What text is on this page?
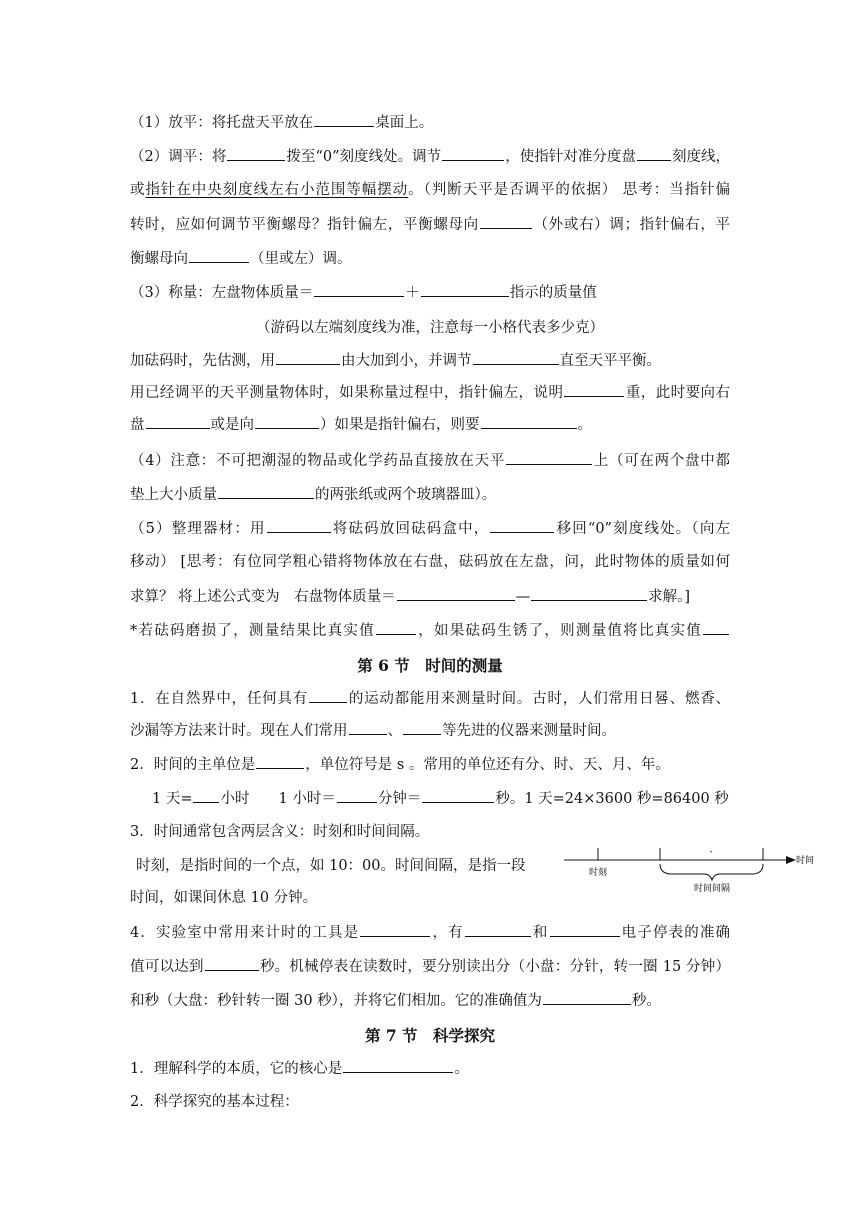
（1）放平：将托盘天平放在	桌面上。
（2）调平：将	拨至“0”刻度线处。调节	，使指针对准分度盘 刻度线，
或指针在中央刻度线左右小范围等幅摆动。（判断天平是否调平的依据） 思考：当指针偏
转时，应如何调节平衡螺母？指针偏左，平衡螺母向	（外或右）调；指针偏右，平
衡螺母向	（里或左）调。
（3）称量：左盘物体质量＝	＋	指示的质量值
（游码以左端刻度线为准，注意每一小格代表多少克）
加砝码时，先估测，用	由大加到小，并调节	直至天平平衡。
用已经调平的天平测量物体时，如果称量过程中，指针偏左，说明	重，此时要向右
盘	或是向	）如果是指针偏右，则要	。
（4）注意：不可把潮湿的物品或化学药品直接放在天平	上（可在两个盘中都
垫上大小质量	的两张纸或两个玻璃器皿）。
（5）整理器材：用	将砝码放回砝码盒中，	移回“0”刻度线处。（向左
移动） [思考：有位同学粗心错将物体放在右盘，砝码放在左盘，问，此时物体的质量如何
求算？ 将上述公式变为　右盘物体质量＝	—	求解。]
*若砝码磨损了，测量结果比真实值	，如果砝码生锈了，则测量值将比真实值
第 6 节　时间的测量
1．在自然界中，任何具有	的运动都能用来测量时间。古时，人们常用日晷、燃香、
沙漏等方法来计时。现在人们常用	、	等先进的仪器来测量时间。
2．时间的主单位是	，单位符号是 s 。常用的单位还有分、时、天、月、年。
1 天= 小时　　1 小时＝	分钟＝	秒。1 天=24×3600 秒=86400 秒
3．时间通常包含两层含义：时刻和时间间隔。
时刻，是指时间的一个点，如 10：00。时间间隔，是指一段
时间，如课间休息 10 分钟。
-
时刻
时间间隔
时间
4．实验室中常用来计时的工具是	，有	和	电子停表的准确
值可以达到	秒。机械停表在读数时，要分别读出分（小盘：分针，转一圈 15 分钟）
和秒（大盘：秒针转一圈 30 秒），并将它们相加。它的准确值为	秒。
第 7 节　科学探究
1．理解科学的本质，它的核心是	。
2．科学探究的基本过程：
